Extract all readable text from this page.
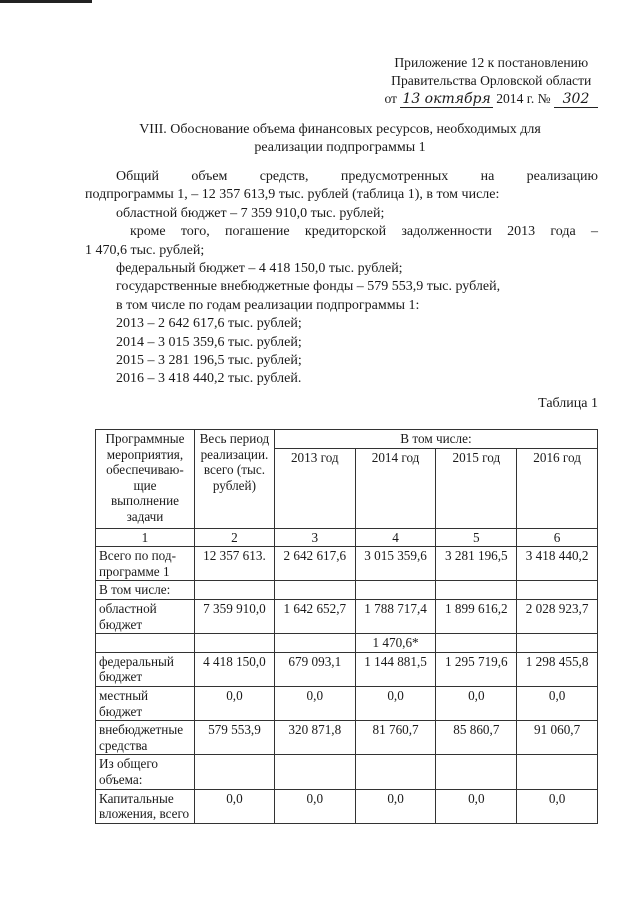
Приложение 12 к постановлению
Правительства Орловской области
от 13 октября 2014 г. № 302
VIII. Обоснование объема финансовых ресурсов, необходимых для
реализации подпрограммы 1

Общий объем средств, предусмотренных на реализацию

подпрограммы 1, – 12 357 613,9 тыс. рублей (таблица 1), в том числе:

областной бюджет – 7 359 910,0 тыс. рублей;

кроме того, погашение кредиторской задолженности 2013 года –

1 470,6 тыс. рублей;

федеральный бюджет – 4 418 150,0 тыс. рублей;

государственные внебюджетные фонды – 579 553,9 тыс. рублей,

в том числе по годам реализации подпрограммы 1:

2013 – 2 642 617,6 тыс. рублей;

2014 – 3 015 359,6 тыс. рублей;

2015 – 3 281 196,5 тыс. рублей;

2016 – 3 418 440,2 тыс. рублей.

Таблица 1
Программные мероприятия, обеспечиваю-щие выполнение задачи	Весь период реализации. всего (тыс. рублей)	В том числе:			
		2013 год	2014 год	2015 год	2016 год
1	2	3	4	5	6
Всего по под-программе 1	12 357 613.	2 642 617,6	3 015 359,6	3 281 196,5	3 418 440,2
В том числе:					
областной бюджет	7 359 910,0	1 642 652,7	1 788 717,4	1 899 616,2	2 028 923,7
			1 470,6*		
федеральный бюджет	4 418 150,0	679 093,1	1 144 881,5	1 295 719,6	1 298 455,8
местный бюджет	0,0	0,0	0,0	0,0	0,0
внебюджетные средства	579 553,9	320 871,8	81 760,7	85 860,7	91 060,7
Из общего объема:					
Капитальные вложения, всего	0,0	0,0	0,0	0,0	0,0
